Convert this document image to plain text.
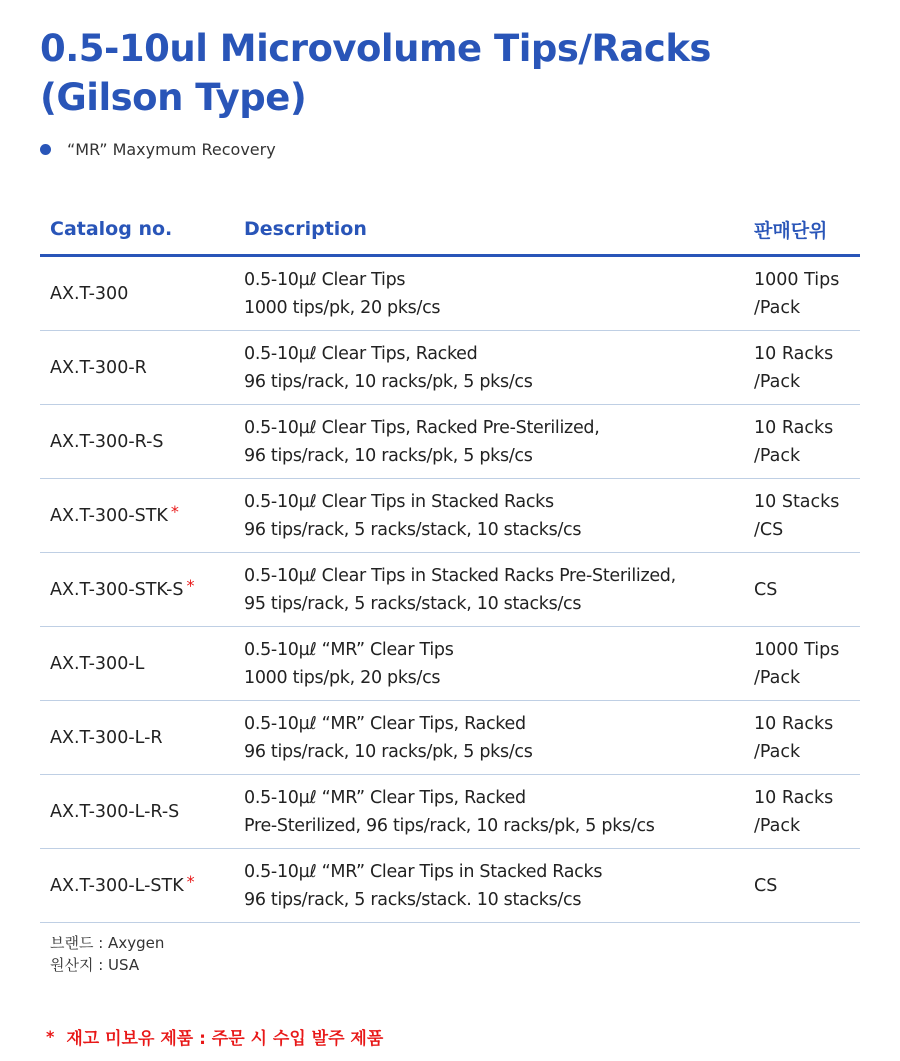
0.5-10ul Microvolume Tips/Racks
(Gilson Type)
“MR” Maxymum Recovery
Catalog no.	Description	판매단위
AX.T-300	0.5-10µℓ Clear Tips
1000 tips/pk, 20 pks/cs	1000 Tips
/Pack

AX.T-300-R	0.5-10µℓ Clear Tips, Racked
96 tips/rack, 10 racks/pk, 5 pks/cs	10 Racks
/Pack

AX.T-300-R-S	0.5-10µℓ Clear Tips, Racked Pre-Sterilized,
96 tips/rack, 10 racks/pk, 5 pks/cs	10 Racks
/Pack

AX.T-300-STK *	0.5-10µℓ Clear Tips in Stacked Racks
96 tips/rack, 5 racks/stack, 10 stacks/cs	10 Stacks
/CS

AX.T-300-STK-S *	0.5-10µℓ Clear Tips in Stacked Racks Pre-Sterilized,
95 tips/rack, 5 racks/stack, 10 stacks/cs	CS

AX.T-300-L	0.5-10µℓ “MR” Clear Tips
1000 tips/pk, 20 pks/cs	1000 Tips
/Pack

AX.T-300-L-R	0.5-10µℓ “MR” Clear Tips, Racked
96 tips/rack, 10 racks/pk, 5 pks/cs	10 Racks
/Pack

AX.T-300-L-R-S	0.5-10µℓ “MR” Clear Tips, Racked
Pre-Sterilized, 96 tips/rack, 10 racks/pk, 5 pks/cs	10 Racks
/Pack

AX.T-300-L-STK *	0.5-10µℓ “MR” Clear Tips in Stacked Racks
96 tips/rack, 5 racks/stack. 10 stacks/cs	CS
브랜드 : Axygen
원산지 : USA
* 재고 미보유 제품 : 주문 시 수입 발주 제품
